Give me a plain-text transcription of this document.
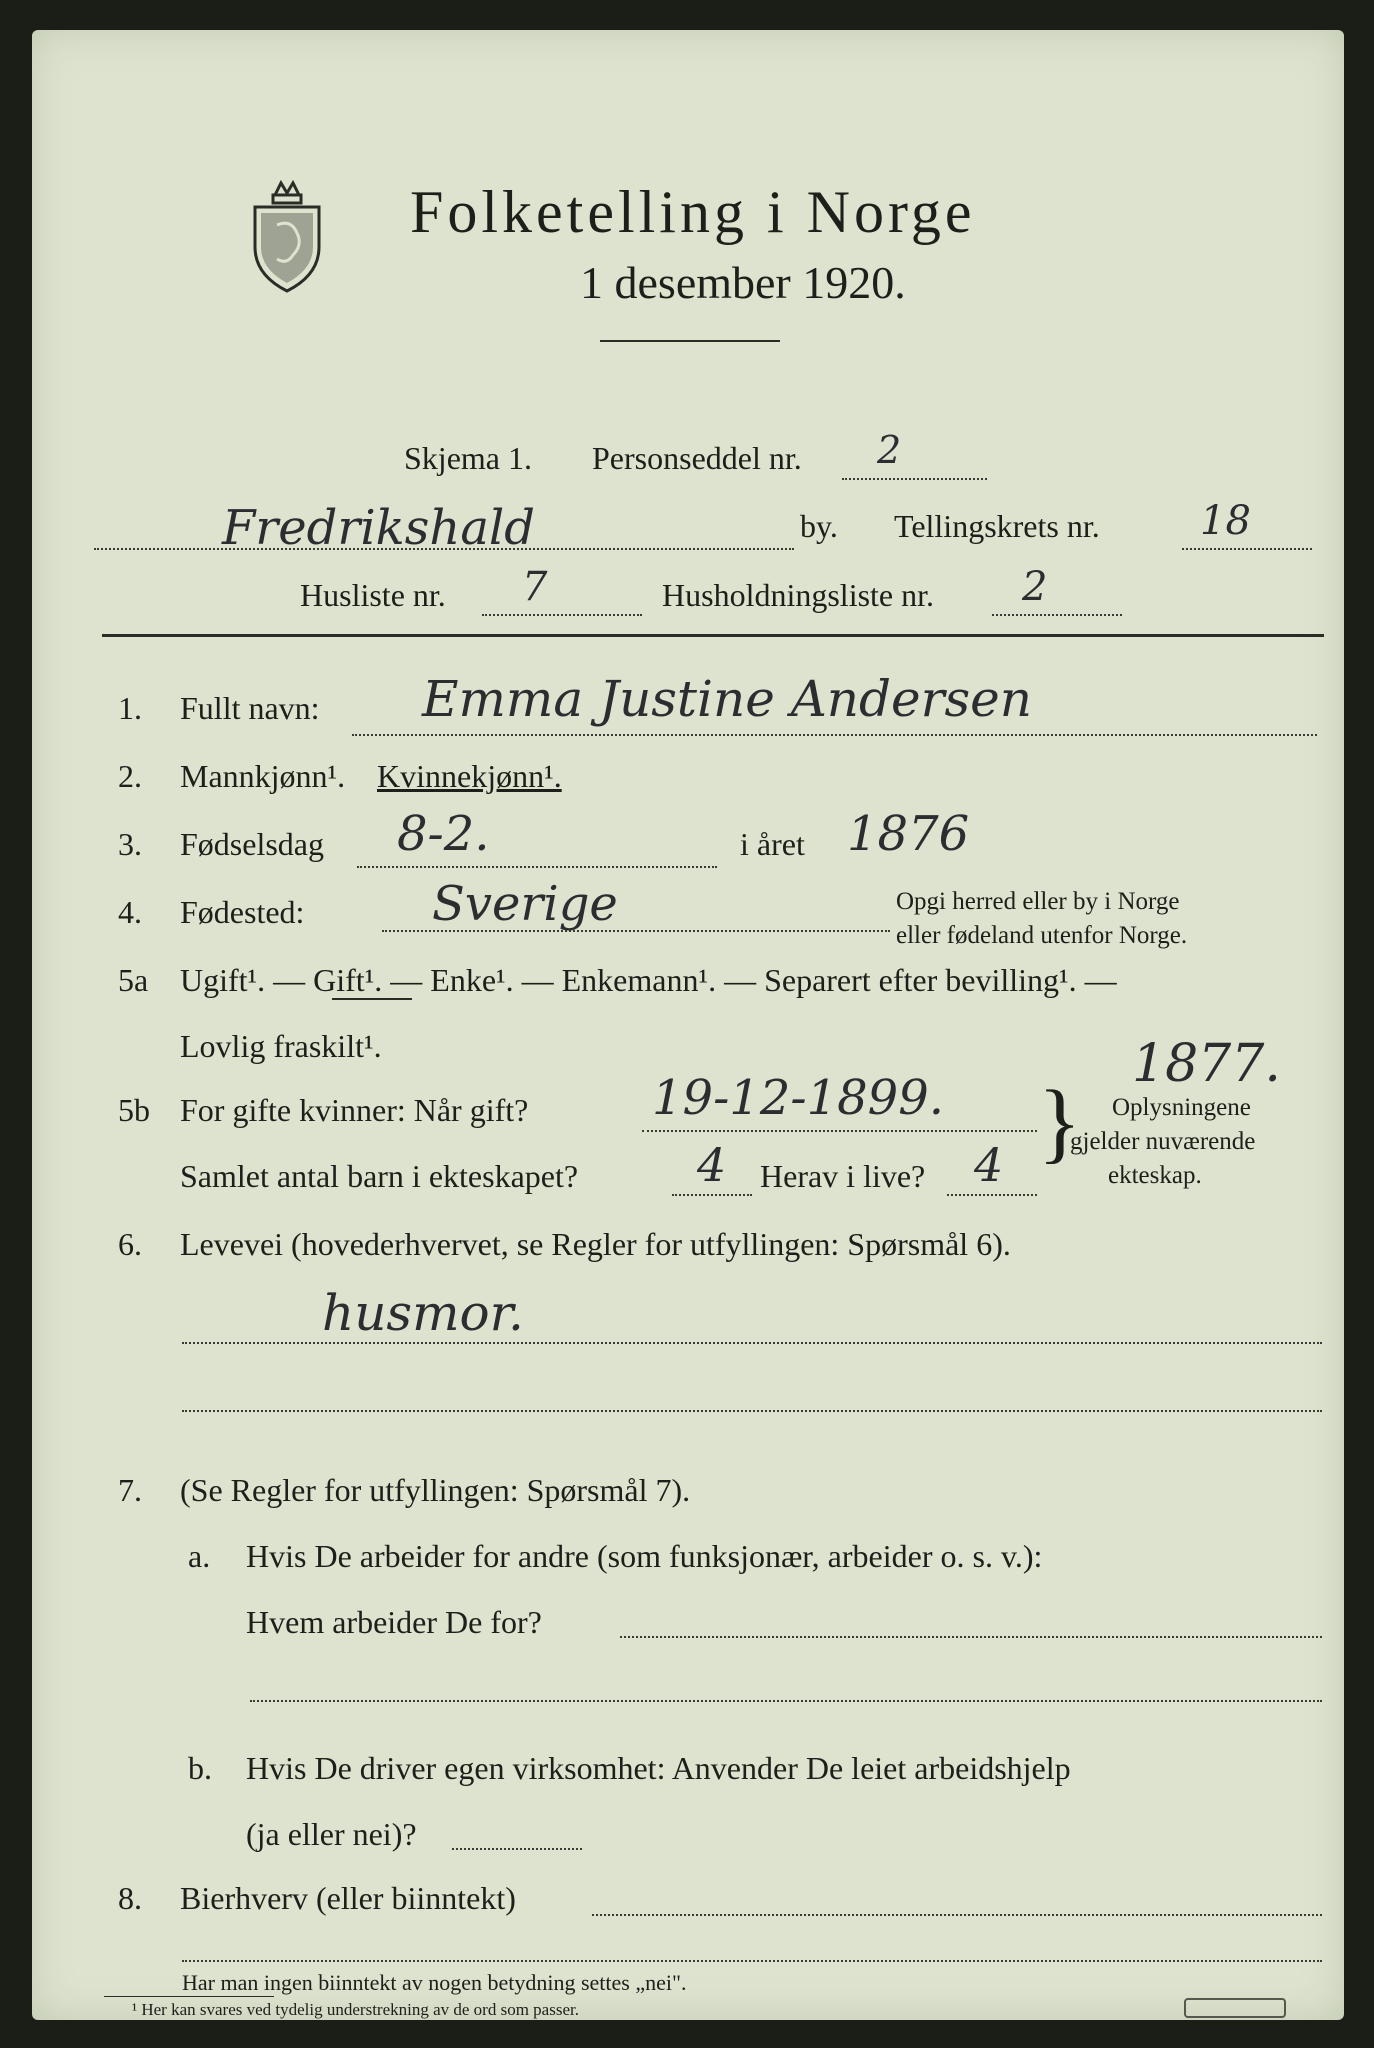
Folketelling i Norge
1 desember 1920.
Skjema 1. Personseddel nr. 2
Fredrikshald	by. Tellingskrets nr.	18
Husliste nr. 7	Husholdningsliste nr. 2
1. Fullt navn: Emma Justine Andersen
2. Mannkjønn¹. Kvinnekjønn¹.
3. Fødselsdag 8-2.	i året 1876
4. Fødested:	Sverige	Opgi herred eller by i Norge
eller fødeland utenfor Norge.
5a Ugift¹. — Gift¹. — Enke¹. — Enkemann¹. — Separert efter bevilling¹. —
Lovlig fraskilt¹.
5b For gifte kvinner: Når gift?	19-12-1899.
1877.
Samlet antal barn i ekteskapet?	4 Herav i live? 4 } Oplysningene
gjelder nuværende
ekteskap.
6. Levevei (hovederhvervet, se Regler for utfyllingen: Spørsmål 6).
husmor.
7. (Se Regler for utfyllingen: Spørsmål 7).
a. Hvis De arbeider for andre (som funksjonær, arbeider o. s. v.):
Hvem arbeider De for?
b. Hvis De driver egen virksomhet: Anvender De leiet arbeidshjelp
(ja eller nei)?
8. Bierhverv (eller biinntekt)
Har man ingen biinntekt av nogen betydning settes „nei".
¹ Her kan svares ved tydelig understrekning av de ord som passer.
